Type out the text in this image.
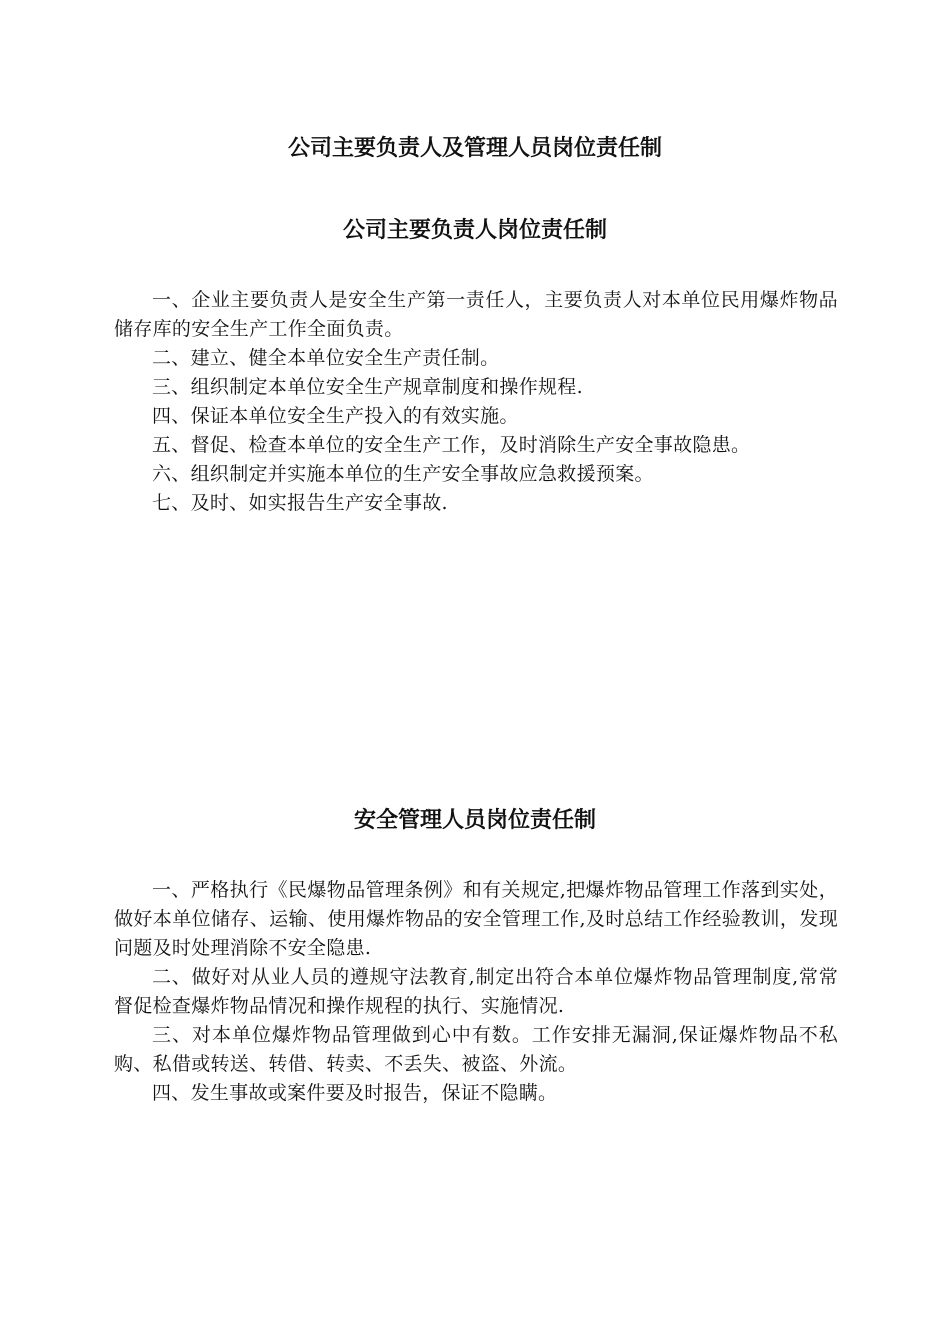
公司主要负责人及管理人员岗位责任制
公司主要负责人岗位责任制

一、企业主要负责人是安全生产第一责任人，主要负责人对本单位民用爆炸物品储存库的安全生产工作全面负责。

二、建立、健全本单位安全生产责任制。

三、组织制定本单位安全生产规章制度和操作规程.

四、保证本单位安全生产投入的有效实施。

五、督促、检查本单位的安全生产工作，及时消除生产安全事故隐患。

六、组织制定并实施本单位的生产安全事故应急救援预案。

七、及时、如实报告生产安全事故.

安全管理人员岗位责任制

一、严格执行《民爆物品管理条例》和有关规定,把爆炸物品管理工作落到实处，做好本单位储存、运输、使用爆炸物品的安全管理工作,及时总结工作经验教训，发现问题及时处理消除不安全隐患.

二、做好对从业人员的遵规守法教育,制定出符合本单位爆炸物品管理制度,常常督促检查爆炸物品情况和操作规程的执行、实施情况.

三、对本单位爆炸物品管理做到心中有数。工作安排无漏洞,保证爆炸物品不私购、私借或转送、转借、转卖、不丢失、被盗、外流。

四、发生事故或案件要及时报告，保证不隐瞒。
